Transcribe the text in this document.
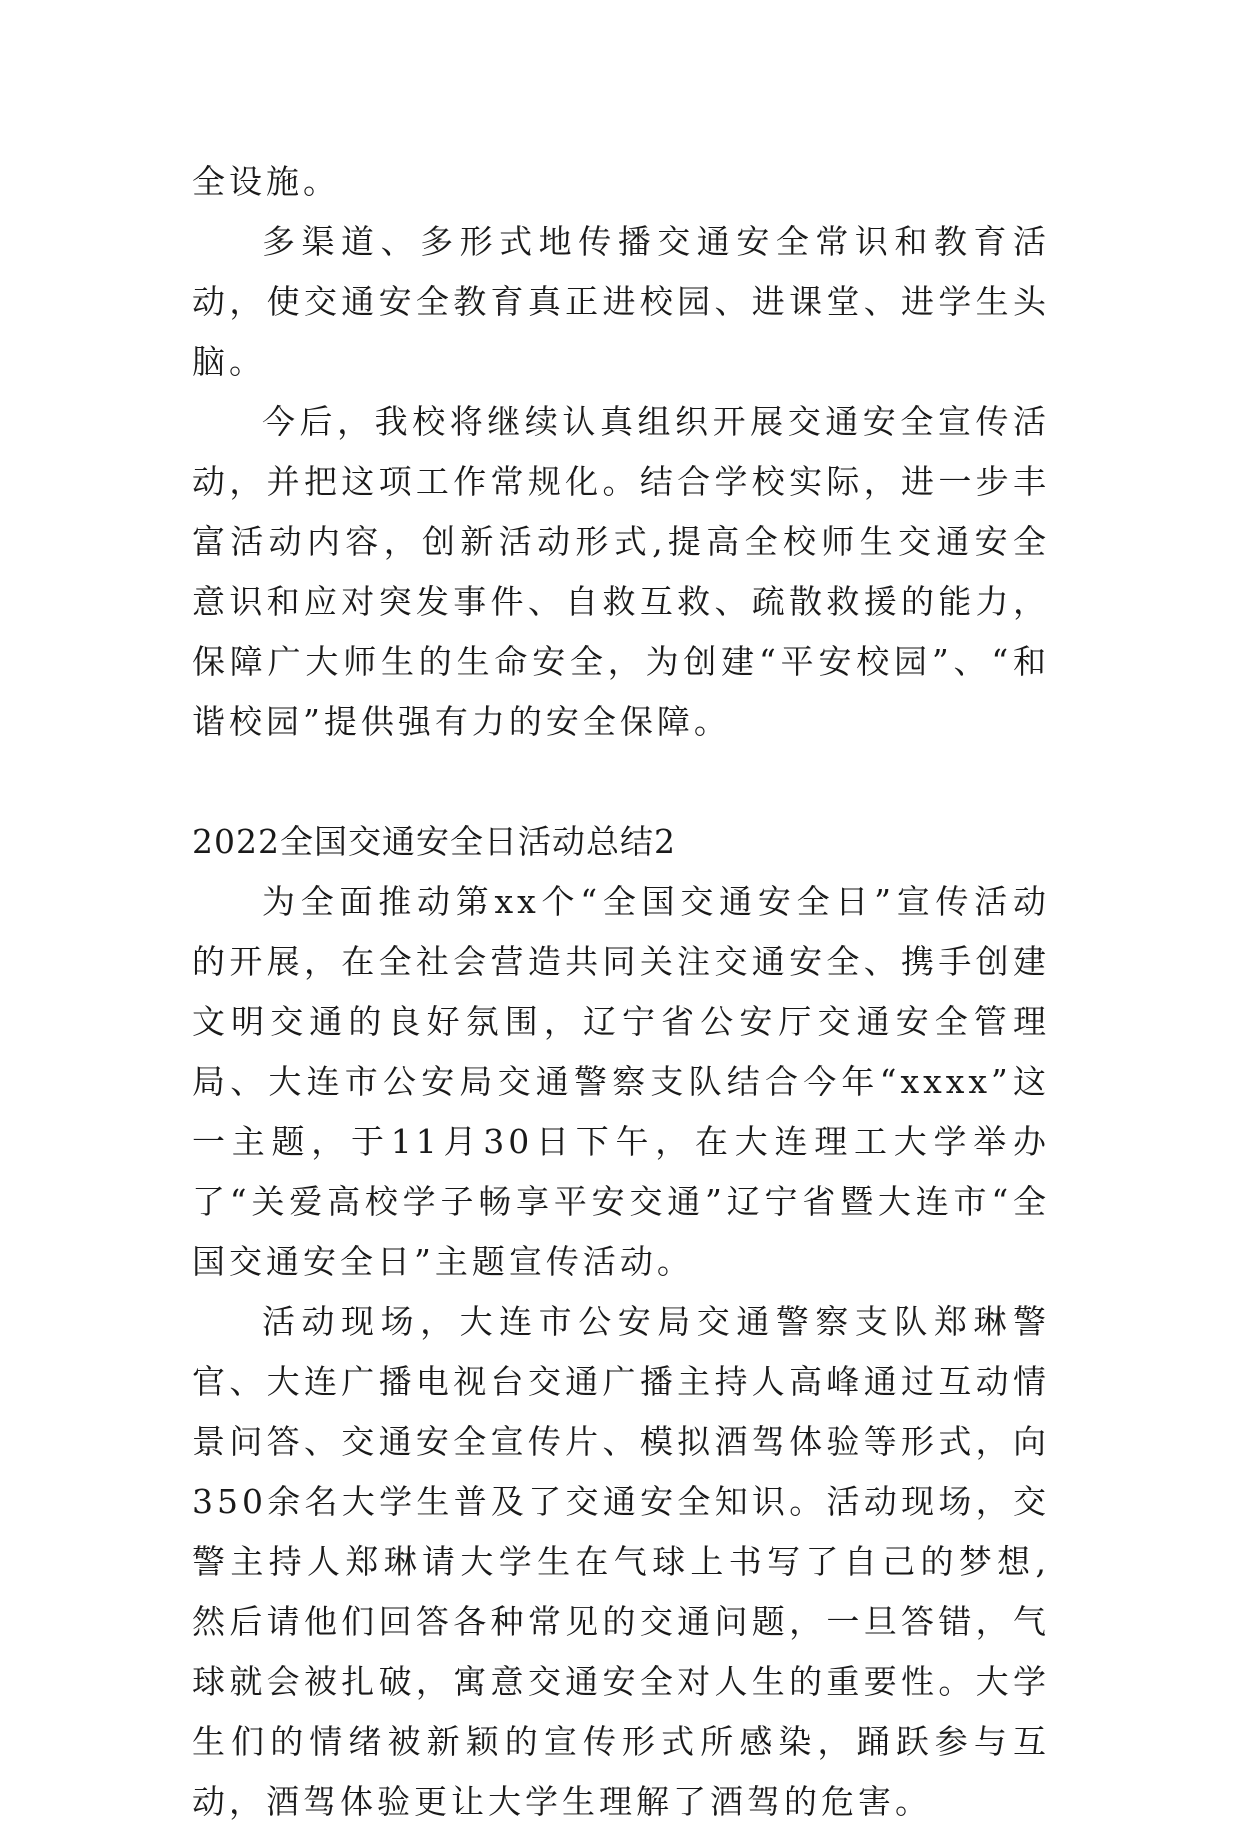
全设施。

多渠道、多形式地传播交通安全常识和教育活动，使交通安全教育真正进校园、进课堂、进学生头脑。

今后，我校将继续认真组织开展交通安全宣传活动，并把这项工作常规化。结合学校实际，进一步丰富活动内容，创新活动形式,提高全校师生交通安全意识和应对突发事件、自救互救、疏散救援的能力，保障广大师生的生命安全，为创建“平安校园”、“和谐校园”提供强有力的安全保障。

2022全国交通安全日活动总结2

为全面推动第xx个“全国交通安全日”宣传活动的开展，在全社会营造共同关注交通安全、携手创建文明交通的良好氛围，辽宁省公安厅交通安全管理局、大连市公安局交通警察支队结合今年“xxxx”这一主题，于11月30日下午，在大连理工大学举办了“关爱高校学子畅享平安交通”辽宁省暨大连市“全国交通安全日”主题宣传活动。

活动现场，大连市公安局交通警察支队郑琳警官、大连广播电视台交通广播主持人高峰通过互动情景问答、交通安全宣传片、模拟酒驾体验等形式，向350余名大学生普及了交通安全知识。活动现场，交警主持人郑琳请大学生在气球上书写了自己的梦想,然后请他们回答各种常见的交通问题，一旦答错，气球就会被扎破，寓意交通安全对人生的重要性。大学生们的情绪被新颖的宣传形式所感染，踊跃参与互动，酒驾体验更让大学生理解了酒驾的危害。
